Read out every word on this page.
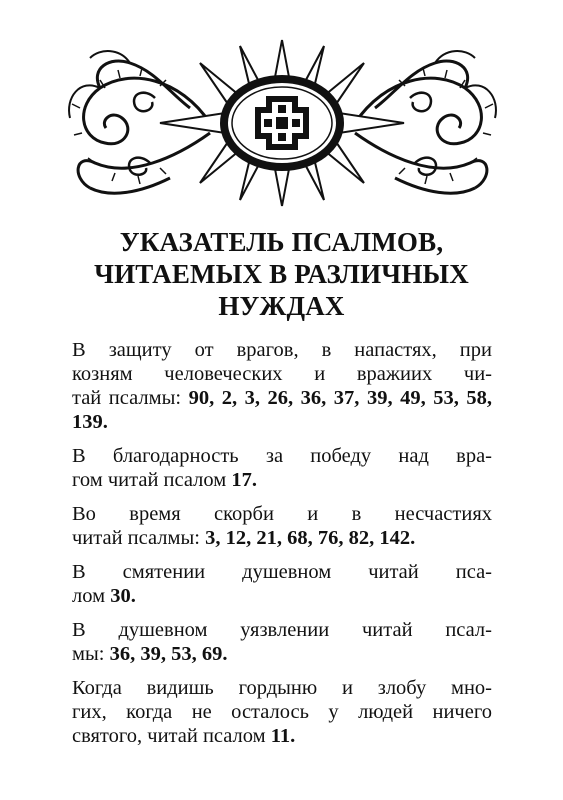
УКАЗАТЕЛЬ ПСАЛМОВ,
ЧИТАЕМЫХ В РАЗЛИЧНЫХ
НУЖДАХ
В защиту от врагов, в напастях, при
козням человеческих и вражиих чи-
тай псалмы: 90, 2, 3, 26, 36, 37, 39, 49, 53, 58,
139.
В благодарность за победу над вра-
гом читай псалом 17.
Во время скорби и в несчастиях
читай псалмы: 3, 12, 21, 68, 76, 82, 142.
В смятении душевном читай пса-
лом 30.
В душевном уязвлении читай псал-
мы: 36, 39, 53, 69.
Когда видишь гордыню и злобу мно-
гих, когда не осталось у людей ничего
святого, читай псалом 11.
